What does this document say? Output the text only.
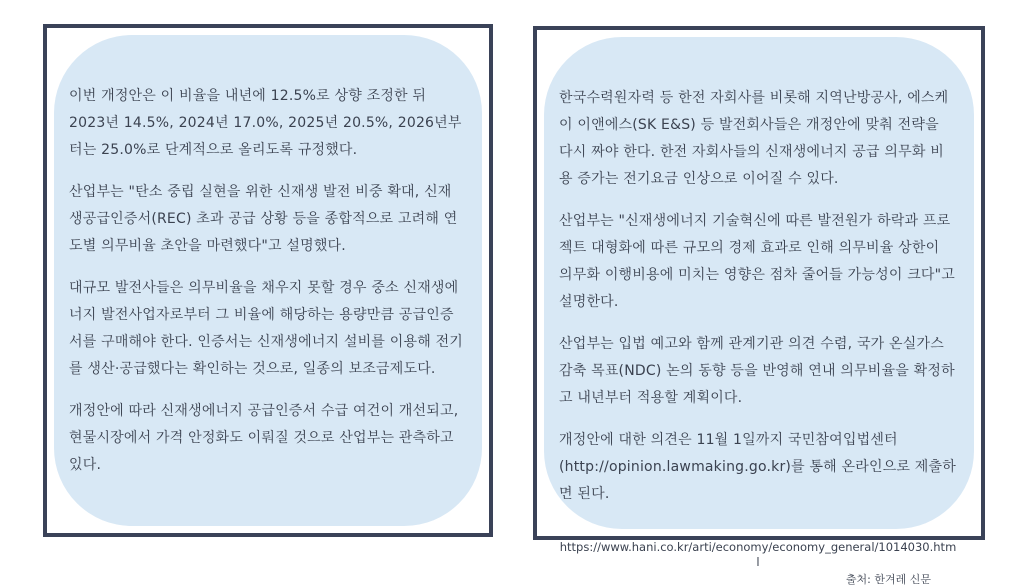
이번 개정안은 이 비율을 내년에 12.5%로 상향 조정한 뒤 2023년 14.5%, 2024년 17.0%, 2025년 20.5%, 2026년부터는 25.0%로 단계적으로 올리도록 규정했다.

산업부는 "탄소 중립 실현을 위한 신재생 발전 비중 확대, 신재생공급인증서(REC) 초과 공급 상황 등을 종합적으로 고려해 연도별 의무비율 초안을 마련했다"고 설명했다.

대규모 발전사들은 의무비율을 채우지 못할 경우 중소 신재생에너지 발전사업자로부터 그 비율에 해당하는 용량만큼 공급인증서를 구매해야 한다. 인증서는 신재생에너지 설비를 이용해 전기를 생산·공급했다는 확인하는 것으로, 일종의 보조금제도다.

개정안에 따라 신재생에너지 공급인증서 수급 여건이 개선되고, 현물시장에서 가격 안정화도 이뤄질 것으로 산업부는 관측하고 있다.

한국수력원자력 등 한전 자회사를 비롯해 지역난방공사, 에스케이 이앤에스(SK E&S) 등 발전회사들은 개정안에 맞춰 전략을 다시 짜야 한다. 한전 자회사들의 신재생에너지 공급 의무화 비용 증가는 전기요금 인상으로 이어질 수 있다.

산업부는 "신재생에너지 기술혁신에 따른 발전원가 하락과 프로젝트 대형화에 따른 규모의 경제 효과로 인해 의무비율 상한이 의무화 이행비용에 미치는 영향은 점차 줄어들 가능성이 크다"고 설명한다.

산업부는 입법 예고와 함께 관계기관 의견 수렴, 국가 온실가스 감축 목표(NDC) 논의 동향 등을 반영해 연내 의무비율을 확정하고 내년부터 적용할 계획이다.

개정안에 대한 의견은 11월 1일까지 국민참여입법센터(http://opinion.lawmaking.go.kr)를 통해 온라인으로 제출하면 된다.

https://www.hani.co.kr/arti/economy/economy_general/1014030.html
출처: 한겨레 신문
